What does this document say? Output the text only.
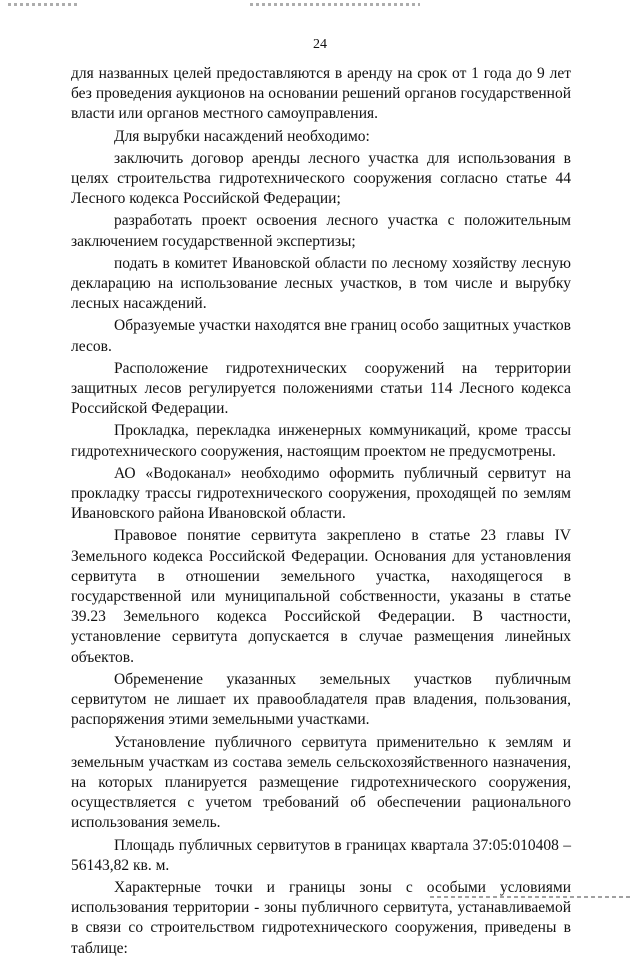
24

для названных целей предоставляются в аренду на срок от 1 года до 9 лет без проведения аукционов на основании решений органов государственной власти или органов местного самоуправления.

Для вырубки насаждений необходимо:

заключить договор аренды лесного участка для использования в целях строительства гидротехнического сооружения согласно статье 44 Лесного кодекса Российской Федерации;

разработать проект освоения лесного участка с положительным заключением государственной экспертизы;

подать в комитет Ивановской области по лесному хозяйству лесную декларацию на использование лесных участков, в том числе и вырубку лесных насаждений.

Образуемые участки находятся вне границ особо защитных участков лесов.

Расположение гидротехнических сооружений на территории защитных лесов регулируется положениями статьи 114 Лесного кодекса Российской Федерации.

Прокладка, перекладка инженерных коммуникаций, кроме трассы гидротехнического сооружения, настоящим проектом не предусмотрены.

АО «Водоканал» необходимо оформить публичный сервитут на прокладку трассы гидротехнического сооружения, проходящей по землям Ивановского района Ивановской области.

Правовое понятие сервитута закреплено в статье 23 главы IV Земельного кодекса Российской Федерации. Основания для установления сервитута в отношении земельного участка, находящегося в государственной или муниципальной собственности, указаны в статье 39.23 Земельного кодекса Российской Федерации. В частности, установление сервитута допускается в случае размещения линейных объектов.

Обременение указанных земельных участков публичным сервитутом не лишает их правообладателя прав владения, пользования, распоряжения этими земельными участками.

Установление публичного сервитута применительно к землям и земельным участкам из состава земель сельскохозяйственного назначения, на которых планируется размещение гидротехнического сооружения, осуществляется с учетом требований об обеспечении рационального использования земель.

Площадь публичных сервитутов в границах квартала 37:05:010408 – 56143,82 кв. м.

Характерные точки и границы зоны с особыми условиями использования территории - зоны публичного сервитута, устанавливаемой в связи со строительством гидротехнического сооружения, приведены в таблице:
